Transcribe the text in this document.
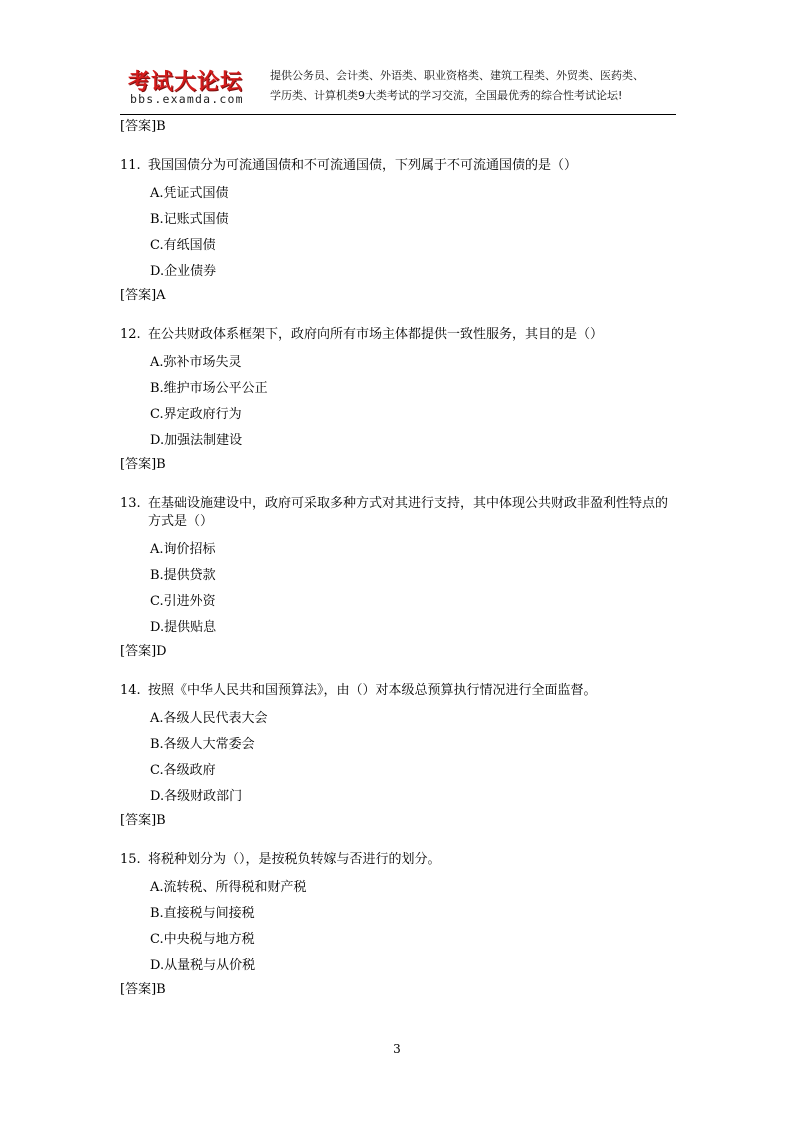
考试大论坛
bbs.examda.com
提供公务员、会计类、外语类、职业资格类、建筑工程类、外贸类、医药类、
学历类、计算机类9大类考试的学习交流，全国最优秀的综合性考试论坛!
[答案]B
11. 我国国债分为可流通国债和不可流通国债，下列属于不可流通国债的是（）
A.凭证式国债
B.记账式国债
C.有纸国债
D.企业债券
[答案]A
12. 在公共财政体系框架下，政府向所有市场主体都提供一致性服务，其目的是（）
A.弥补市场失灵
B.维护市场公平公正
C.界定政府行为
D.加强法制建设
[答案]B
13. 在基础设施建设中，政府可采取多种方式对其进行支持，其中体现公共财政非盈利性特点的方式是（）
A.询价招标
B.提供贷款
C.引进外资
D.提供贴息
[答案]D
14. 按照《中华人民共和国预算法》，由（）对本级总预算执行情况进行全面监督。
A.各级人民代表大会
B.各级人大常委会
C.各级政府
D.各级财政部门
[答案]B
15. 将税种划分为（），是按税负转嫁与否进行的划分。
A.流转税、所得税和财产税
B.直接税与间接税
C.中央税与地方税
D.从量税与从价税
[答案]B
3
